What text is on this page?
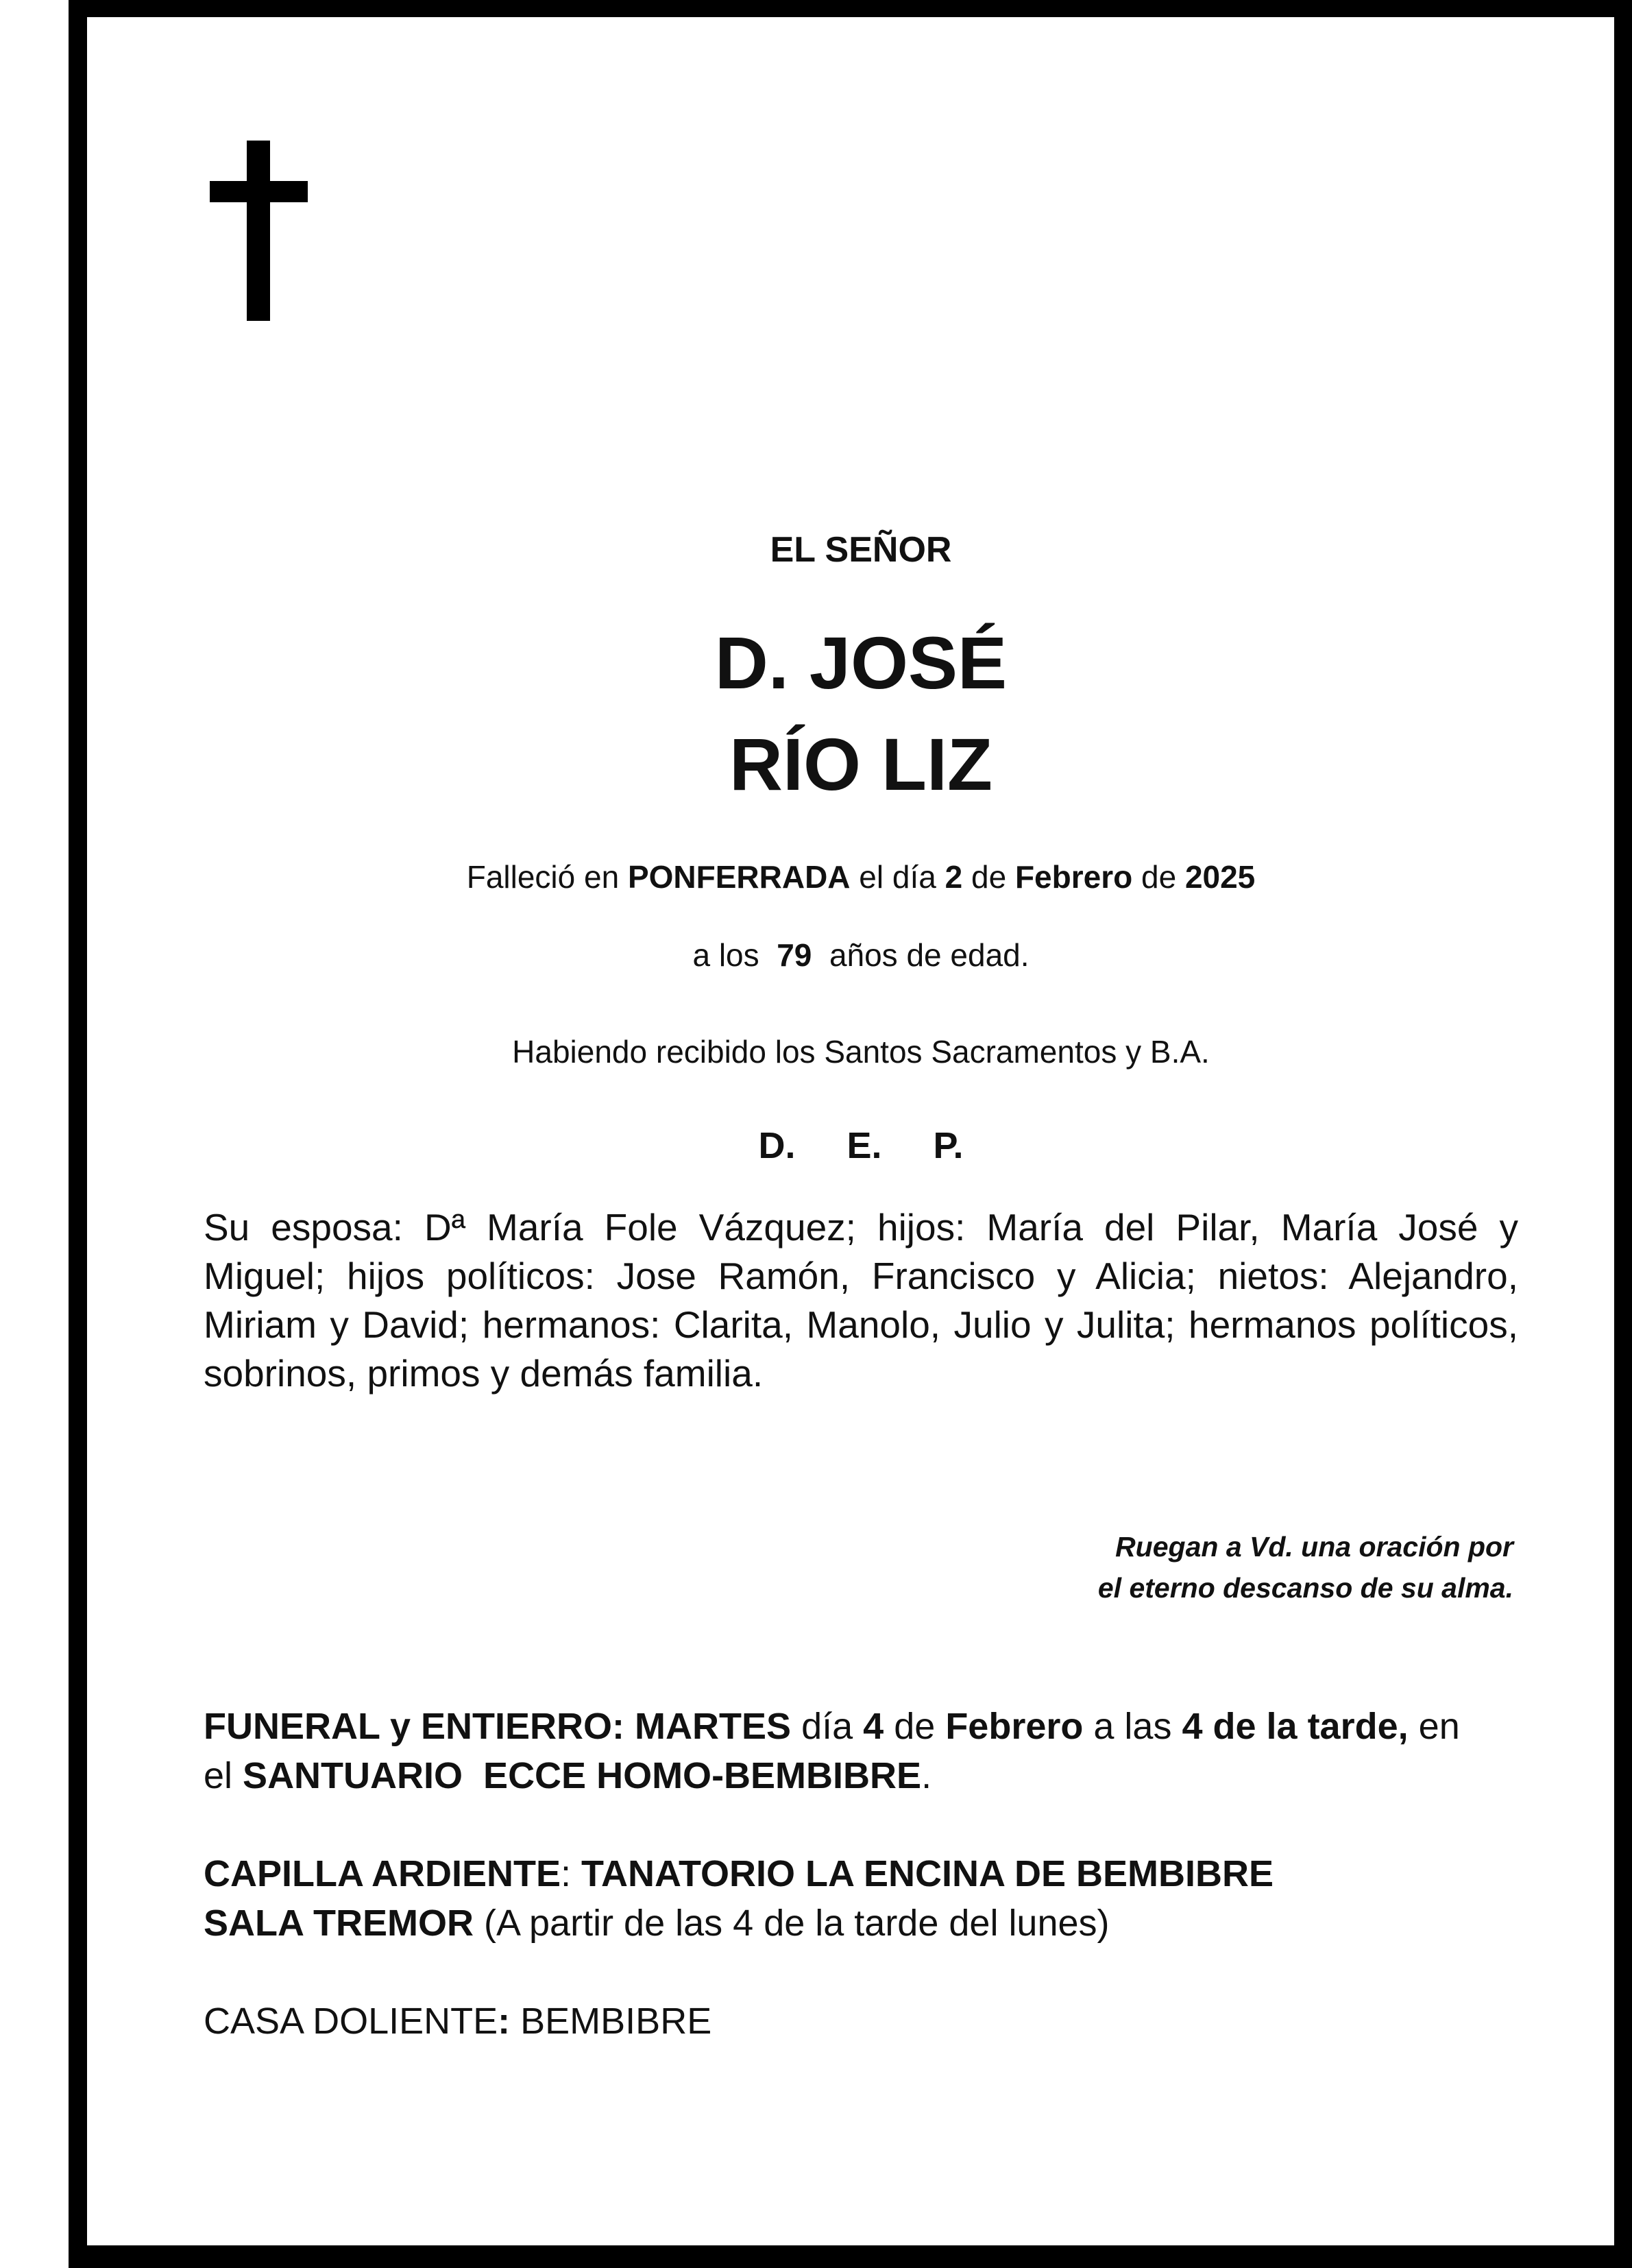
EL SEÑOR
D. JOSÉ
RÍO LIZ
Falleció en PONFERRADA el día 2 de Febrero de 2025
a los 79 años de edad.
Habiendo recibido los Santos Sacramentos y B.A.
D. E. P.
Su esposa: Dª María Fole Vázquez; hijos: María del Pilar, María José y Miguel; hijos políticos: Jose Ramón, Francisco y Alicia; nietos: Alejandro, Miriam y David; hermanos: Clarita, Manolo, Julio y Julita; hermanos políticos, sobrinos, primos y demás familia.
Ruegan a Vd. una oración por
el eterno descanso de su alma.
FUNERAL y ENTIERRO: MARTES día 4 de Febrero a las 4 de la tarde, en
el SANTUARIO  ECCE HOMO-BEMBIBRE.
CAPILLA ARDIENTE: TANATORIO LA ENCINA DE BEMBIBRE
SALA TREMOR (A partir de las 4 de la tarde del lunes)
CASA DOLIENTE: BEMBIBRE
